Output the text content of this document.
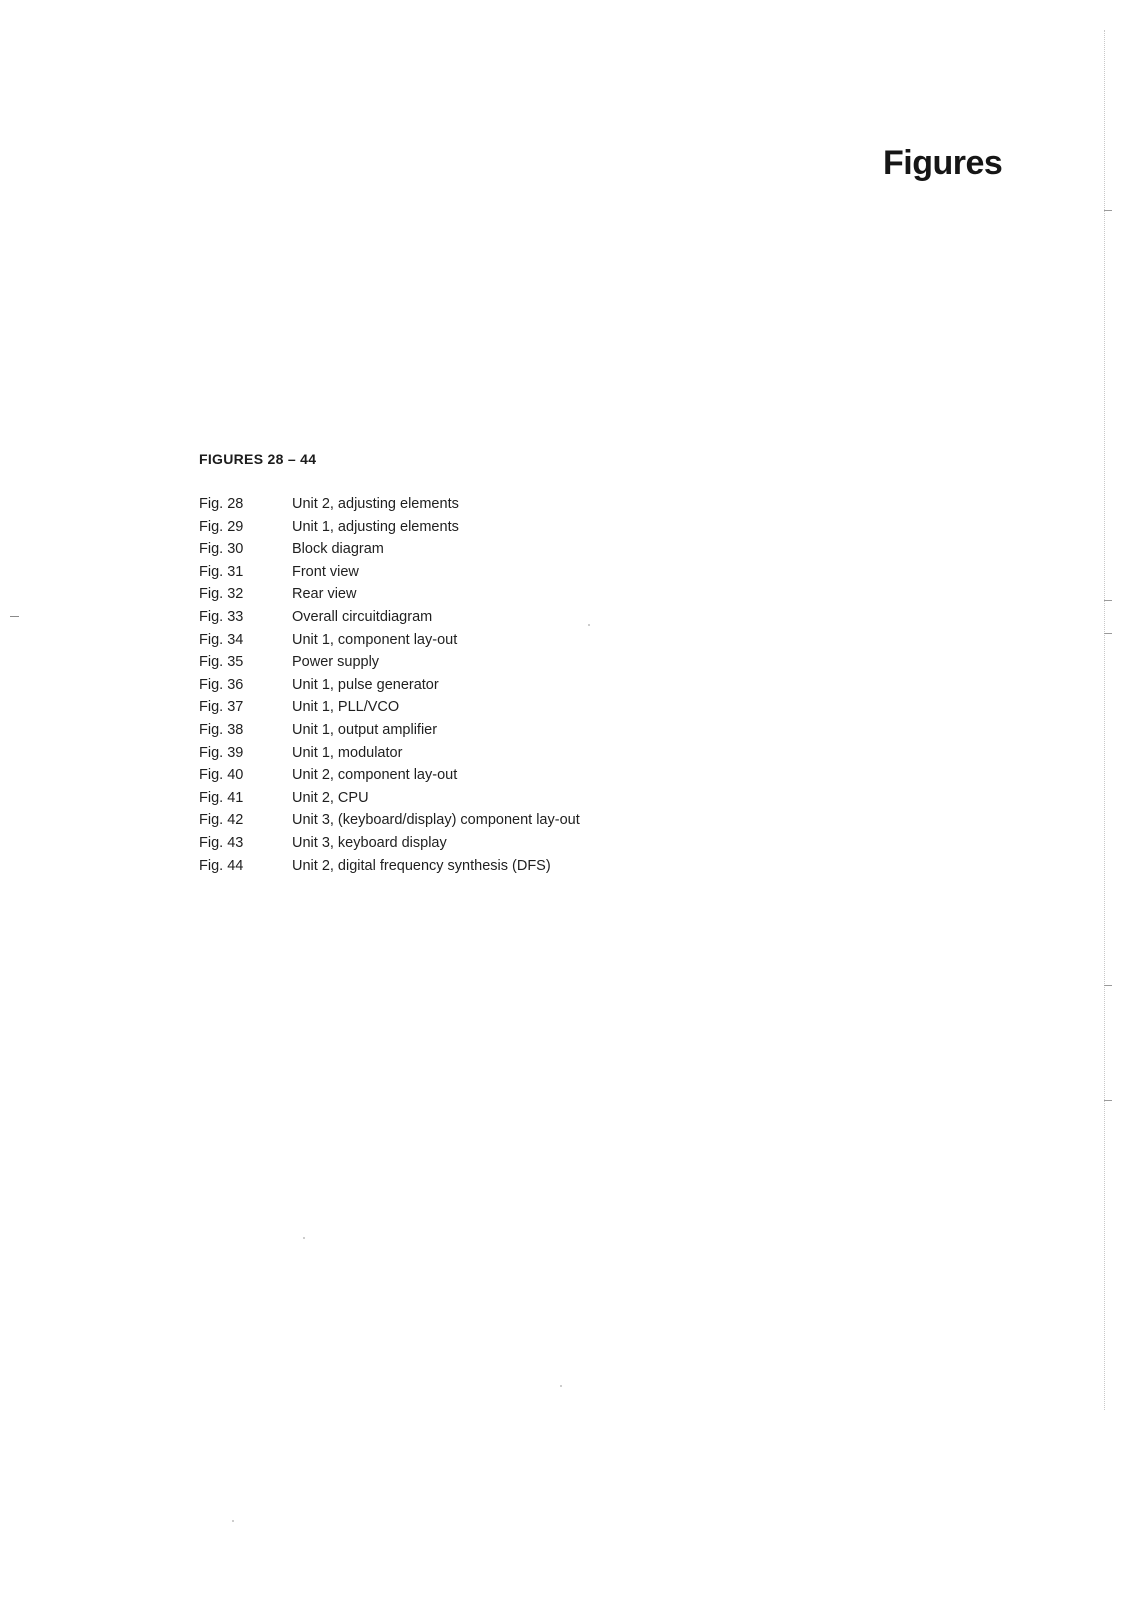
Figures
FIGURES 28 – 44
Fig. 28	Unit 2, adjusting elements
Fig. 29	Unit 1, adjusting elements
Fig. 30	Block diagram
Fig. 31	Front view
Fig. 32	Rear view
Fig. 33	Overall circuitdiagram
Fig. 34	Unit 1, component lay-out
Fig. 35	Power supply
Fig. 36	Unit 1, pulse generator
Fig. 37	Unit 1, PLL/VCO
Fig. 38	Unit 1, output amplifier
Fig. 39	Unit 1, modulator
Fig. 40	Unit 2, component lay-out
Fig. 41	Unit 2, CPU
Fig. 42	Unit 3, (keyboard/display) component lay-out
Fig. 43	Unit 3, keyboard display
Fig. 44	Unit 2, digital frequency synthesis (DFS)
